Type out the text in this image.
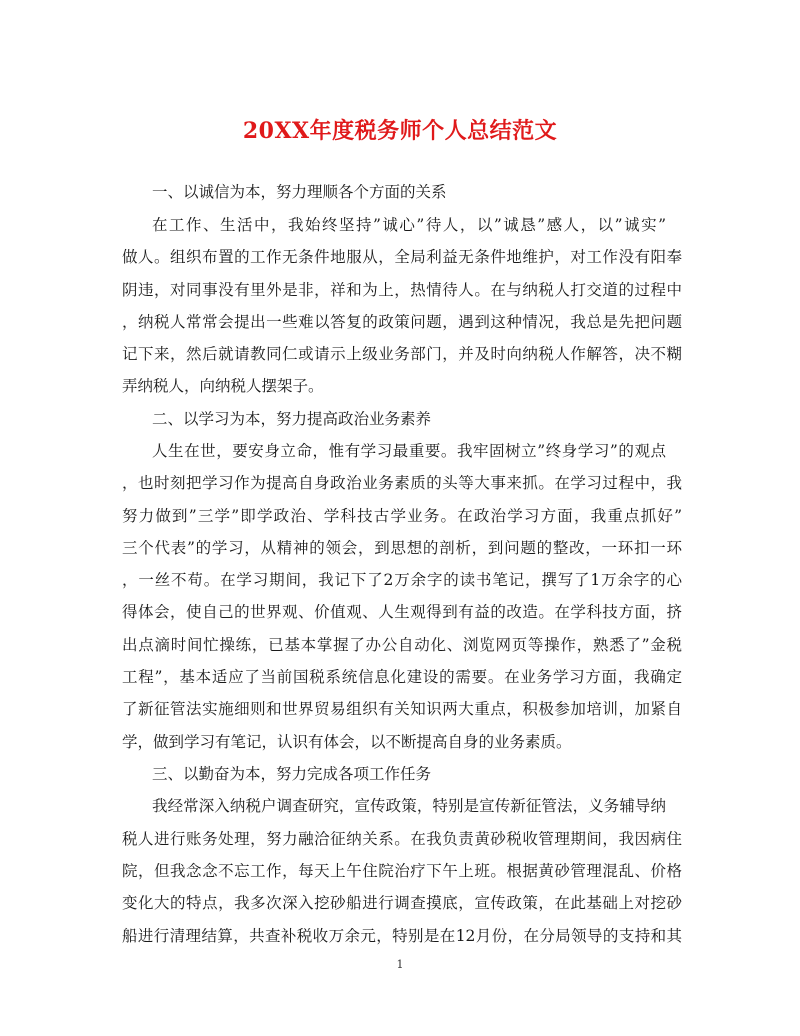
20XX年度税务师个人总结范文
一、以诚信为本，努力理顺各个方面的关系
在工作、生活中，我始终坚持”诚心”待人，以”诚恳”感人，以”诚实”
做人。组织布置的工作无条件地服从，全局利益无条件地维护，对工作没有阳奉
阴违，对同事没有里外是非，祥和为上，热情待人。在与纳税人打交道的过程中
，纳税人常常会提出一些难以答复的政策问题，遇到这种情况，我总是先把问题
记下来，然后就请教同仁或请示上级业务部门，并及时向纳税人作解答，决不糊
弄纳税人，向纳税人摆架子。
二、以学习为本，努力提高政治业务素养
人生在世，要安身立命，惟有学习最重要。我牢固树立”终身学习”的观点
，也时刻把学习作为提高自身政治业务素质的头等大事来抓。在学习过程中，我
努力做到”三学”即学政治、学科技古学业务。在政治学习方面，我重点抓好”
三个代表”的学习，从精神的领会，到思想的剖析，到问题的整改，一环扣一环
，一丝不苟。在学习期间，我记下了2万余字的读书笔记，撰写了1万余字的心
得体会，使自己的世界观、价值观、人生观得到有益的改造。在学科技方面，挤
出点滴时间忙操练，已基本掌握了办公自动化、浏览网页等操作，熟悉了”金税
工程”，基本适应了当前国税系统信息化建设的需要。在业务学习方面，我确定
了新征管法实施细则和世界贸易组织有关知识两大重点，积极参加培训，加紧自
学，做到学习有笔记，认识有体会，以不断提高自身的业务素质。
三、以勤奋为本，努力完成各项工作任务
我经常深入纳税户调查研究，宣传政策，特别是宣传新征管法，义务辅导纳
税人进行账务处理，努力融洽征纳关系。在我负责黄砂税收管理期间，我因病住
院，但我念念不忘工作，每天上午住院治疗下午上班。根据黄砂管理混乱、价格
变化大的特点，我多次深入挖砂船进行调查摸底，宣传政策，在此基础上对挖砂
船进行清理结算，共查补税收万余元，特别是在12月份，在分局领导的支持和其
1
